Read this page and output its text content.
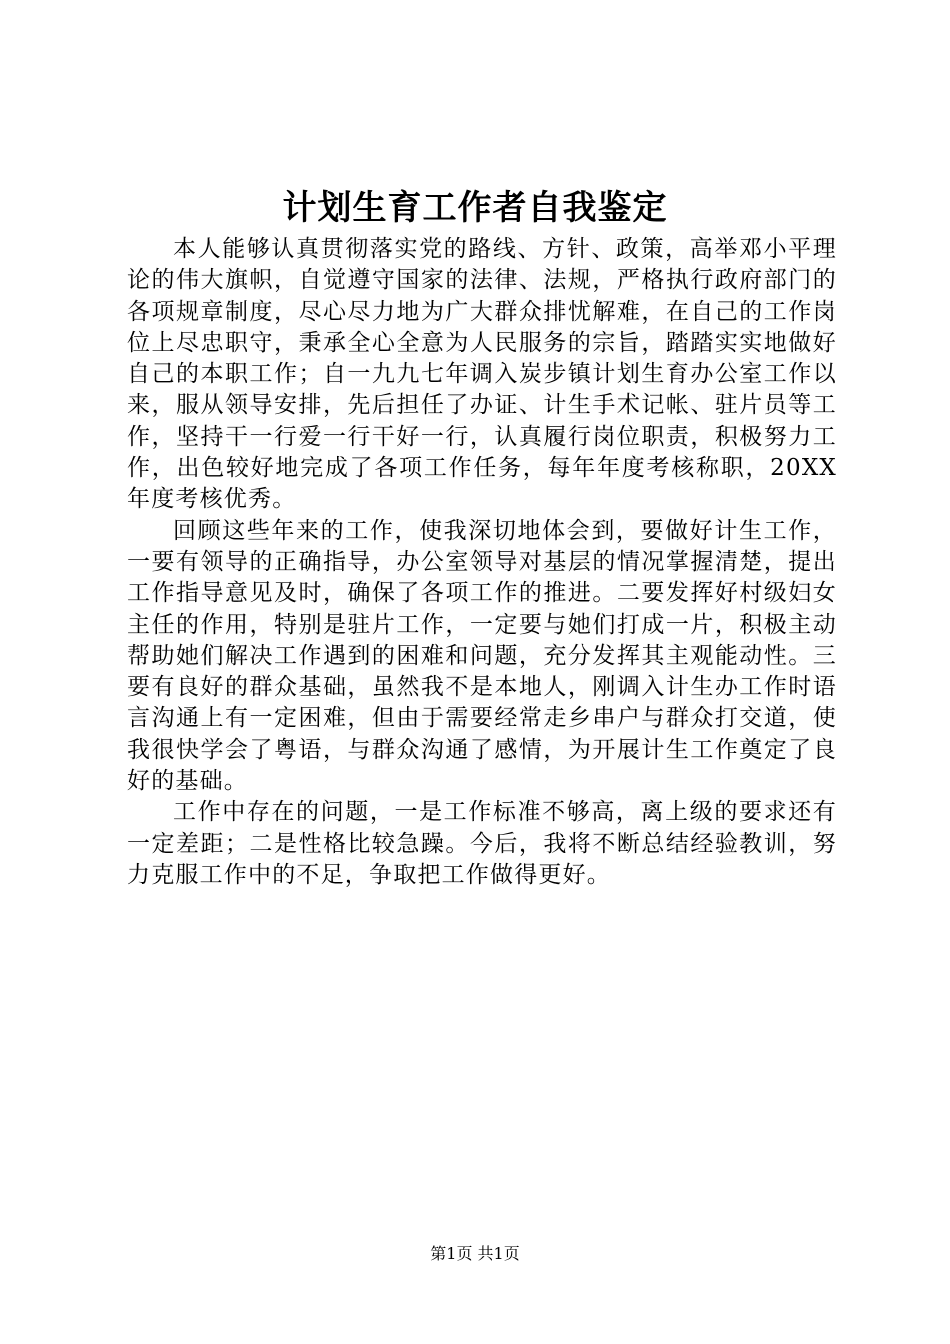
计划生育工作者自我鉴定

本人能够认真贯彻落实党的路线、方针、政策，高举邓小平理论的伟大旗帜，自觉遵守国家的法律、法规，严格执行政府部门的各项规章制度，尽心尽力地为广大群众排忧解难，在自己的工作岗位上尽忠职守，秉承全心全意为人民服务的宗旨，踏踏实实地做好自己的本职工作；自一九九七年调入炭步镇计划生育办公室工作以来，服从领导安排，先后担任了办证、计生手术记帐、驻片员等工作，坚持干一行爱一行干好一行，认真履行岗位职责，积极努力工作，出色较好地完成了各项工作任务，每年年度考核称职，20XX年度考核优秀。

回顾这些年来的工作，使我深切地体会到，要做好计生工作，一要有领导的正确指导，办公室领导对基层的情况掌握清楚，提出工作指导意见及时，确保了各项工作的推进。二要发挥好村级妇女主任的作用，特别是驻片工作，一定要与她们打成一片，积极主动帮助她们解决工作遇到的困难和问题，充分发挥其主观能动性。三要有良好的群众基础，虽然我不是本地人，刚调入计生办工作时语言沟通上有一定困难，但由于需要经常走乡串户与群众打交道，使我很快学会了粤语，与群众沟通了感情，为开展计生工作奠定了良好的基础。

工作中存在的问题，一是工作标准不够高，离上级的要求还有一定差距；二是性格比较急躁。今后，我将不断总结经验教训，努力克服工作中的不足，争取把工作做得更好。

第1页 共1页
